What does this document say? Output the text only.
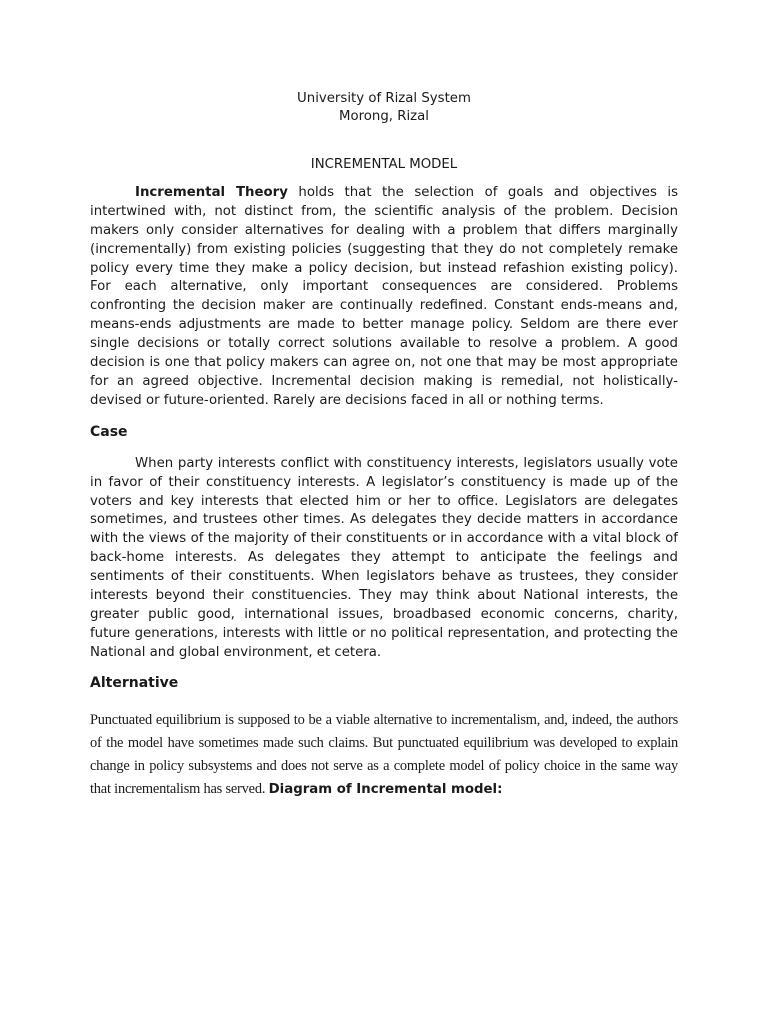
University of Rizal System
Morong, Rizal
INCREMENTAL MODEL

Incremental Theory holds that the selection of goals and objectives is intertwined with, not distinct from, the scientific analysis of the problem. Decision makers only consider alternatives for dealing with a problem that differs marginally (incrementally) from existing policies (suggesting that they do not completely remake policy every time they make a policy decision, but instead refashion existing policy). For each alternative, only important consequences are considered. Problems confronting the decision maker are continually redefined. Constant ends-means and, means-ends adjustments are made to better manage policy. Seldom are there ever single decisions or totally correct solutions available to resolve a problem. A good decision is one that policy makers can agree on, not one that may be most appropriate for an agreed objective. Incremental decision making is remedial, not holistically-devised or future-oriented. Rarely are decisions faced in all or nothing terms.

Case

When party interests conflict with constituency interests, legislators usually vote in favor of their constituency interests. A legislator’s constituency is made up of the voters and key interests that elected him or her to office. Legislators are delegates sometimes, and trustees other times. As delegates they decide matters in accordance with the views of the majority of their constituents or in accordance with a vital block of back-home interests. As delegates they attempt to anticipate the feelings and sentiments of their constituents. When legislators behave as trustees, they consider interests beyond their constituencies. They may think about National interests, the greater public good, international issues, broadbased economic concerns, charity, future generations, interests with little or no political representation, and protecting the National and global environment, et cetera.

Alternative

Punctuated equilibrium is supposed to be a viable alternative to incrementalism, and, indeed, the authors of the model have sometimes made such claims. But punctuated equilibrium was developed to explain change in policy subsystems and does not serve as a complete model of policy choice in the same way that incrementalism has served. Diagram of Incremental model:
